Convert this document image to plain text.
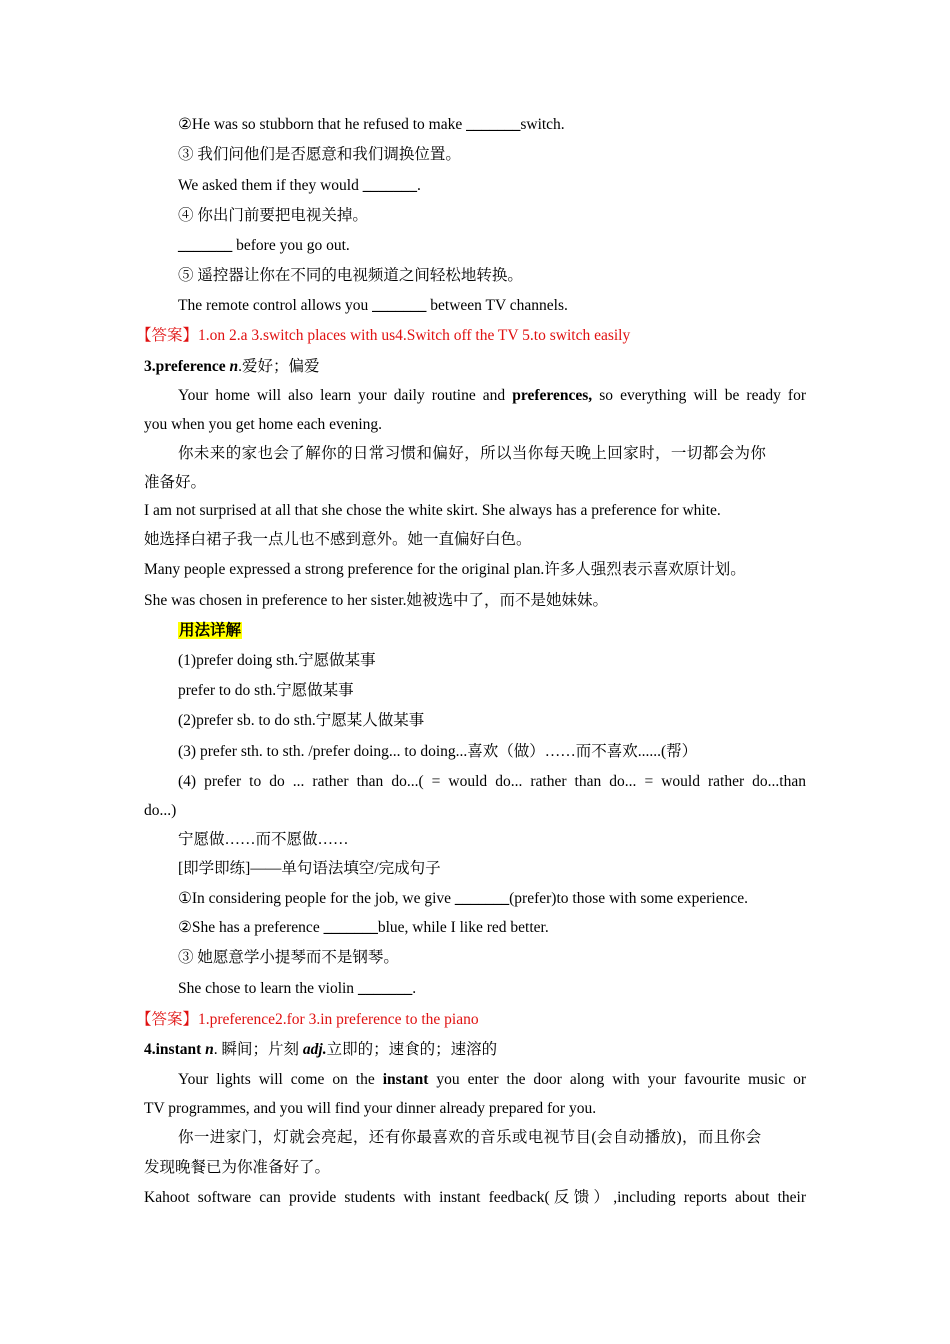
②He was so stubborn that he refused to make _______switch.
③ 我们问他们是否愿意和我们调换位置。
We asked them if they would _______.
④ 你出门前要把电视关掉。
_______ before you go out.
⑤ 遥控器让你在不同的电视频道之间轻松地转换。
The remote control allows you _______ between TV channels.
【答案】1.on 2.a 3.switch places with us4.Switch off the TV 5.to switch easily
3.preference n.爱好；偏爱
Your home will also learn your daily routine and preferences, so everything will be ready for
you when you get home each evening.
你未来的家也会了解你的日常习惯和偏好，所以当你每天晚上回家时，一切都会为你
准备好。
I am not surprised at all that she chose the white skirt. She always has a preference for white.
她选择白裙子我一点儿也不感到意外。她一直偏好白色。
Many people expressed a strong preference for the original plan.许多人强烈表示喜欢原计划。
She was chosen in preference to her sister.她被选中了，而不是她妹妹。
用法详解
(1)prefer doing sth.宁愿做某事
prefer to do sth.宁愿做某事
(2)prefer sb. to do sth.宁愿某人做某事
(3) prefer sth. to sth. /prefer doing... to doing...喜欢（做）……而不喜欢......(帮）
(4) prefer to do ... rather than do...( = would do... rather than do... = would rather do...than
do...)
宁愿做……而不愿做……
[即学即练]——单句语法填空/完成句子
①In considering people for the job, we give _______(prefer)to those with some experience.
②She has a preference _______blue, while I like red better.
③ 她愿意学小提琴而不是钢琴。
She chose to learn the violin _______.
【答案】1.preference2.for 3.in preference to the piano
4.instant n. 瞬间；片刻 adj.立即的；速食的；速溶的
Your lights will come on the instant you enter the door along with your favourite music or
TV programmes, and you will find your dinner already prepared for you.
你一进家门，灯就会亮起，还有你最喜欢的音乐或电视节目(会自动播放)，而且你会
发现晚餐已为你准备好了。
Kahoot software can provide students with instant feedback(反馈）,including reports about their
